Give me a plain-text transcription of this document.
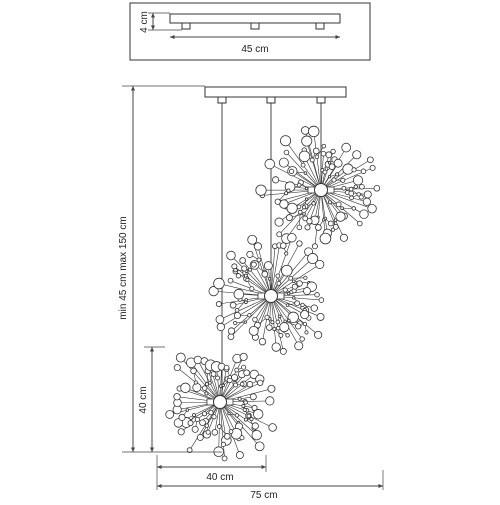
4 cm
45 cm
min 45 cm max 150 cm
40 cm
40 cm
75 cm
